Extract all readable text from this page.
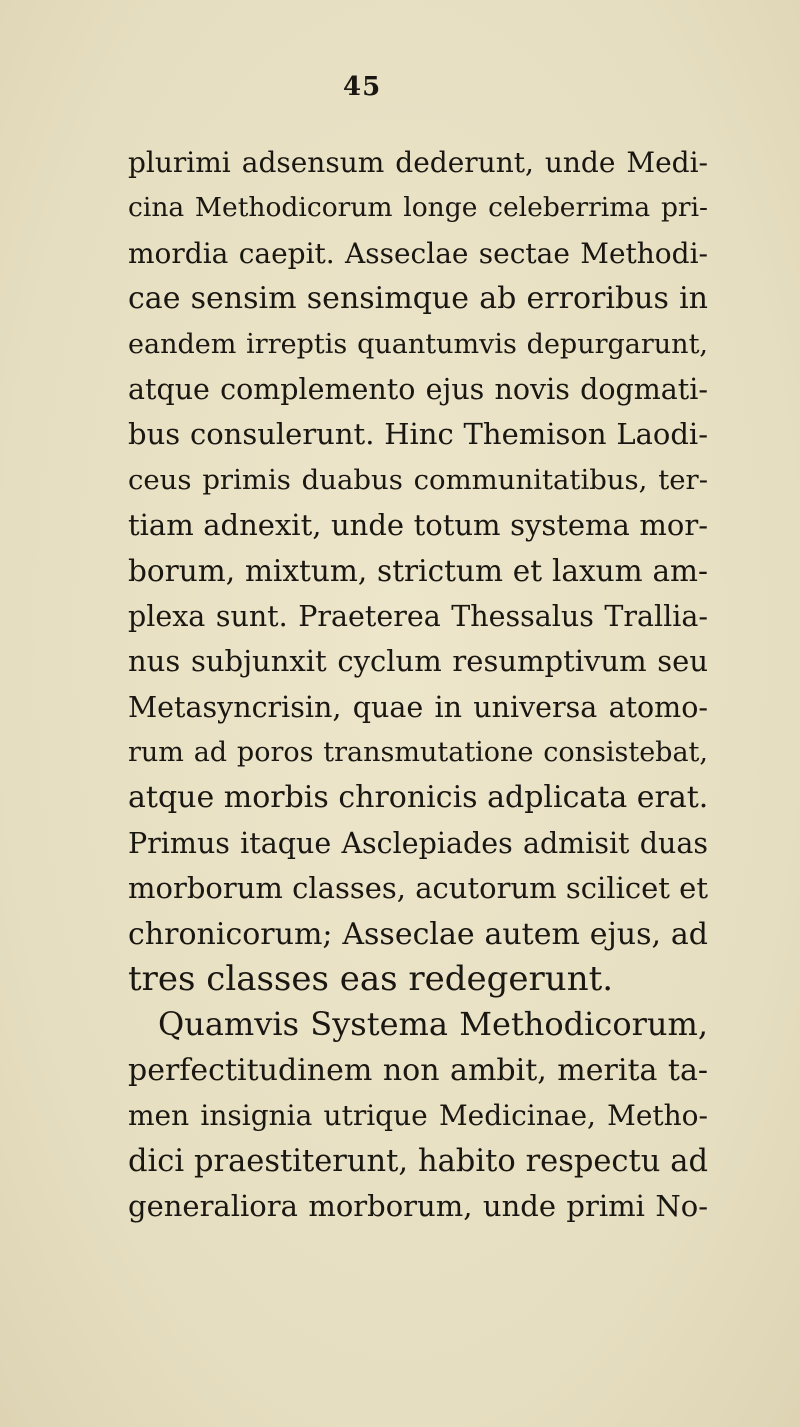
45
plurimi adsensum dederunt, unde Medi-
cina Methodicorum longe celeberrima pri-
mordia caepit. Asseclae sectae Methodi-
cae sensim sensimque ab erroribus in
eandem irreptis quantumvis depurgarunt,
atque complemento ejus novis dogmati-
bus consulerunt. Hinc Themison Laodi-
ceus primis duabus communitatibus, ter-
tiam adnexit, unde totum systema mor-
borum, mixtum, strictum et laxum am-
plexa sunt. Praeterea Thessalus Trallia-
nus subjunxit cyclum resumptivum seu
Metasyncrisin, quae in universa atomo-
rum ad poros transmutatione consistebat,
atque morbis chronicis adplicata erat.
Primus itaque Asclepiades admisit duas
morborum classes, acutorum scilicet et
chronicorum; Asseclae autem ejus, ad
tres classes eas redegerunt.
Quamvis Systema Methodicorum,
perfectitudinem non ambit, merita ta-
men insignia utrique Medicinae, Metho-
dici praestiterunt, habito respectu ad
generaliora morborum, unde primi No-
